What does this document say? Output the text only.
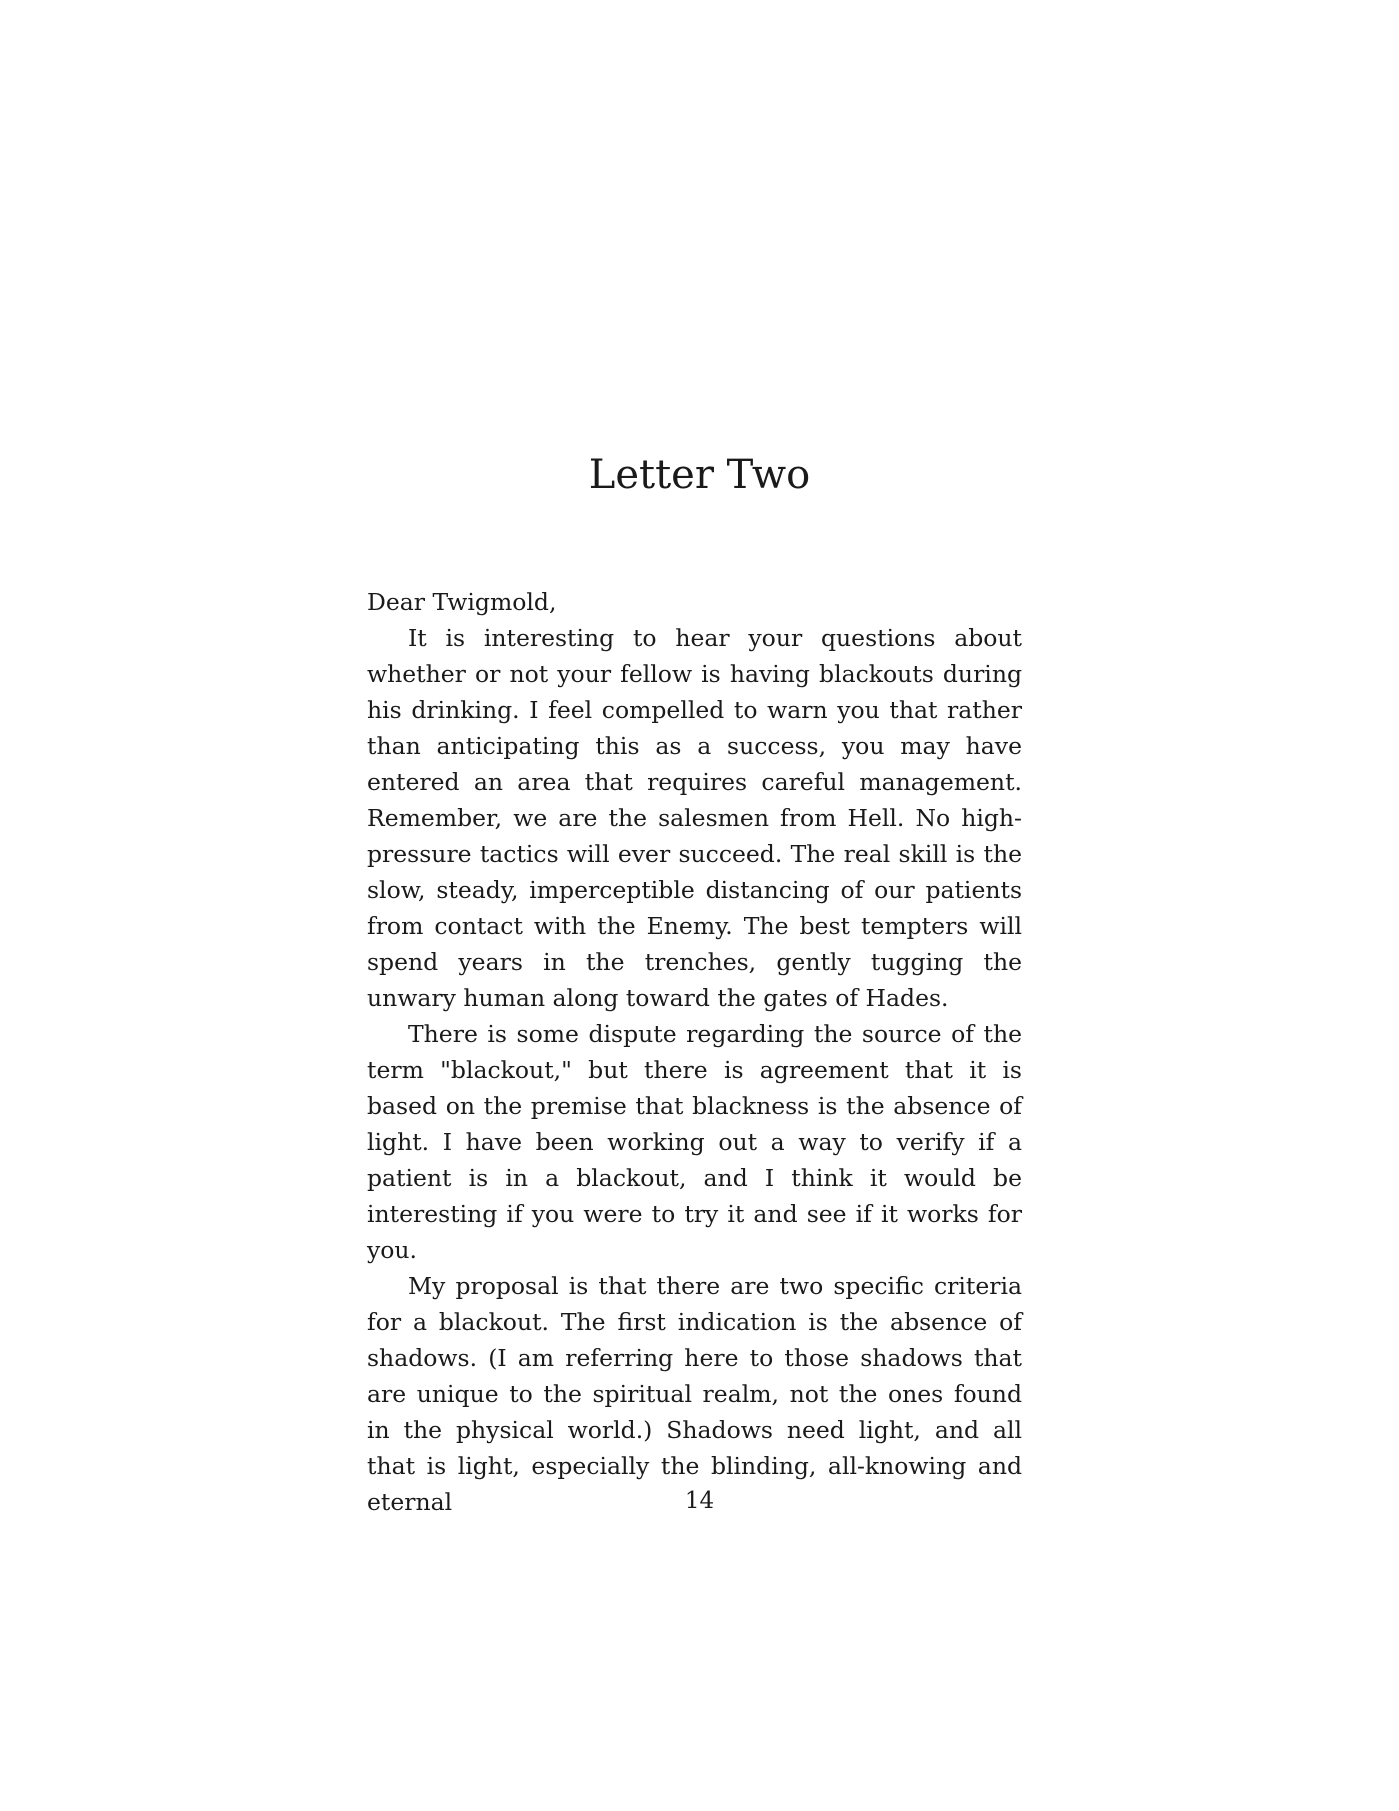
Letter Two

Dear Twigmold,

It is interesting to hear your questions about whether or not your fellow is having blackouts during his drinking. I feel compelled to warn you that rather than anticipating this as a success, you may have entered an area that requires careful management. Remember, we are the salesmen from Hell. No high-pressure tactics will ever succeed. The real skill is the slow, steady, imperceptible distancing of our patients from contact with the Enemy. The best tempters will spend years in the trenches, gently tugging the unwary human along toward the gates of Hades.

There is some dispute regarding the source of the term "blackout," but there is agreement that it is based on the premise that blackness is the absence of light. I have been working out a way to verify if a patient is in a blackout, and I think it would be interesting if you were to try it and see if it works for you.

My proposal is that there are two specific criteria for a blackout. The first indication is the absence of shadows. (I am referring here to those shadows that are unique to the spiritual realm, not the ones found in the physical world.) Shadows need light, and all that is light, especially the blinding, all-knowing and eternal	14
